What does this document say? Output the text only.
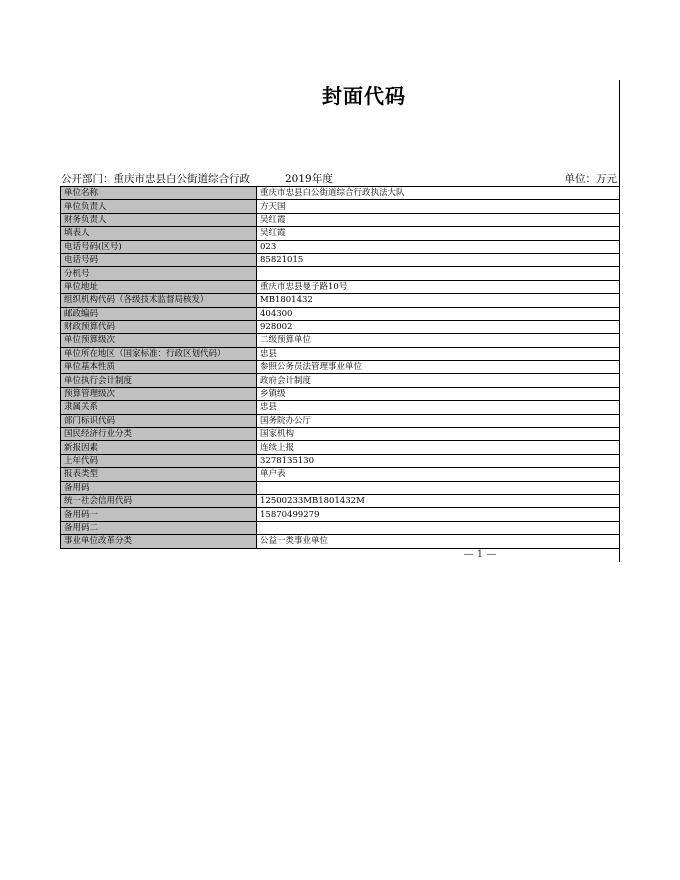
封面代码
公开部门：重庆市忠县白公街道综合行政	2019年度	单位：万元
单位名称	重庆市忠县白公街道综合行政执法大队
单位负责人	方天国
财务负责人	吴红霞
填表人	吴红霞
电话号码(区号)	023
电话号码	85821015
分机号	
单位地址	重庆市忠县曼子路10号
组织机构代码（各级技术监督局核发）	MB1801432
邮政编码	404300
财政预算代码	928002
单位预算级次	二级预算单位
单位所在地区（国家标准：行政区划代码）	忠县
单位基本性质	参照公务员法管理事业单位
单位执行会计制度	政府会计制度
预算管理级次	乡镇级
隶属关系	忠县
部门标识代码	国务院办公厅
国民经济行业分类	国家机构
新报因素	连续上报
上年代码	3278135130
报表类型	单户表
备用码	
统一社会信用代码	12500233MB1801432M
备用码一	15870499279
备用码二	
事业单位改革分类	公益一类事业单位
— 1 —
